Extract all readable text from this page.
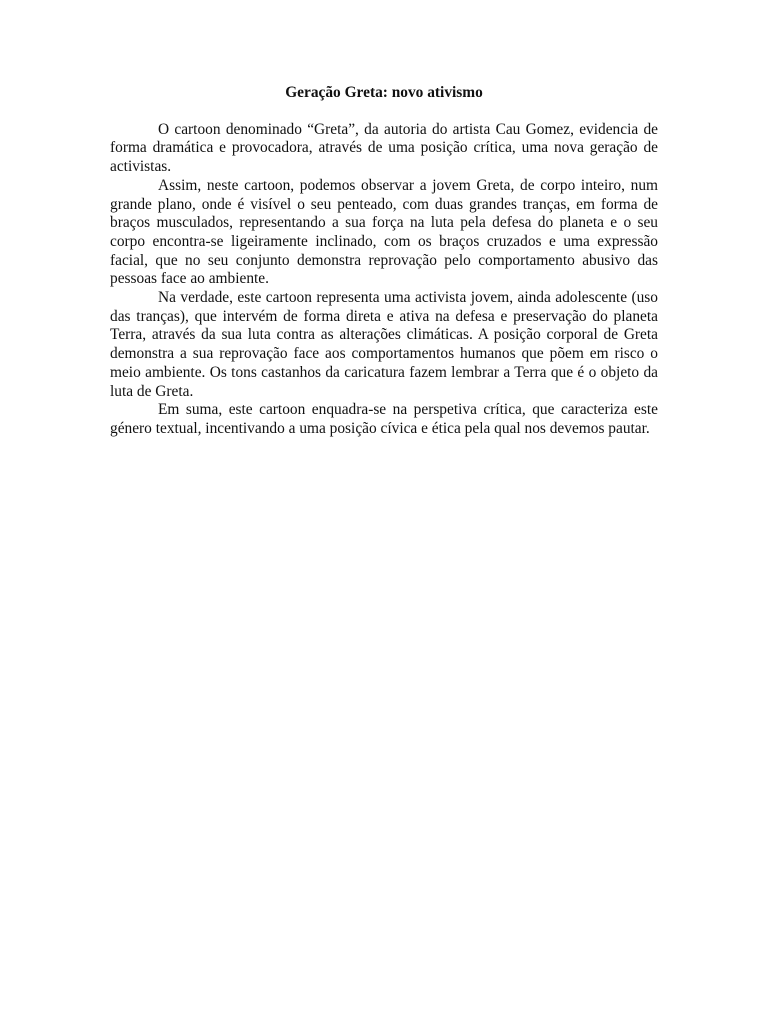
Geração Greta: novo ativismo

O cartoon denominado “Greta”, da autoria do artista Cau Gomez, evidencia de forma dramática e provocadora, através de uma posição crítica, uma nova geração de activistas.

Assim, neste cartoon, podemos observar a jovem Greta, de corpo inteiro, num grande plano, onde é visível o seu penteado, com duas grandes tranças, em forma de braços musculados, representando a sua força na luta pela defesa do planeta e o seu corpo encontra-se ligeiramente inclinado, com os braços cruzados e uma expressão facial, que no seu conjunto demonstra reprovação pelo comportamento abusivo das pessoas face ao ambiente.

Na verdade, este cartoon representa uma activista jovem, ainda adolescente (uso das tranças), que intervém de forma direta e ativa na defesa e preservação do planeta Terra, através da sua luta contra as alterações climáticas. A posição corporal de Greta demonstra a sua reprovação face aos comportamentos humanos que põem em risco o meio ambiente. Os tons castanhos da caricatura fazem lembrar a Terra que é o objeto da luta de Greta.

Em suma, este cartoon enquadra-se na perspetiva crítica, que caracteriza este género textual, incentivando a uma posição cívica e ética pela qual nos devemos pautar.
